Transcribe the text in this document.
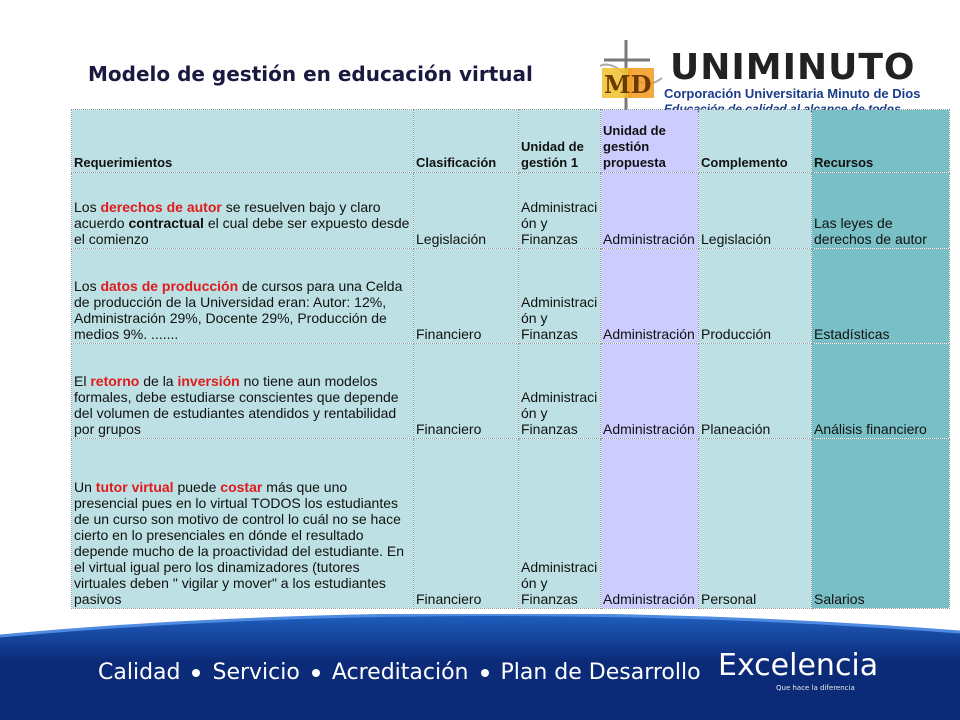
Modelo de gestión en educación virtual	MD UNIMINUTO
Corporación Universitaria Minuto de Dios
Requerimientos	Clasificación	Unidad de gestión 1	Unidad de gestión propuesta	Complemento	Recursos
Los derechos de autor se resuelven bajo y claro acuerdo contractual el cual debe ser expuesto desde el comienzo	Legislación	Administración y Finanzas	Administración	Legislación	Las leyes de derechos de autor
Los datos de producción de cursos para una Celda de producción de la Universidad eran: Autor: 12%, Administración 29%, Docente 29%, Producción de medios 9%. .......	Financiero	Administración y Finanzas	Administración	Producción	Estadísticas
El retorno de la inversión no tiene aun modelos formales, debe estudiarse conscientes que depende del volumen de estudiantes atendidos y rentabilidad por grupos	Financiero	Administración y Finanzas	Administración	Planeación	Análisis financiero
Un tutor virtual puede costar más que uno presencial pues en lo virtual TODOS los estudiantes de un curso son motivo de control lo cuál no se hace cierto en lo presenciales en dónde el resultado depende mucho de la proactividad del estudiante. En el virtual igual pero los dinamizadores (tutores virtuales deben " vigilar y mover" a los estudiantes pasivos	Financiero	Administración y Finanzas	Administración	Personal	Salarios
Calidad Servicio Acreditación Plan de Desarrollo Excelencia
Que hace la diferencia
